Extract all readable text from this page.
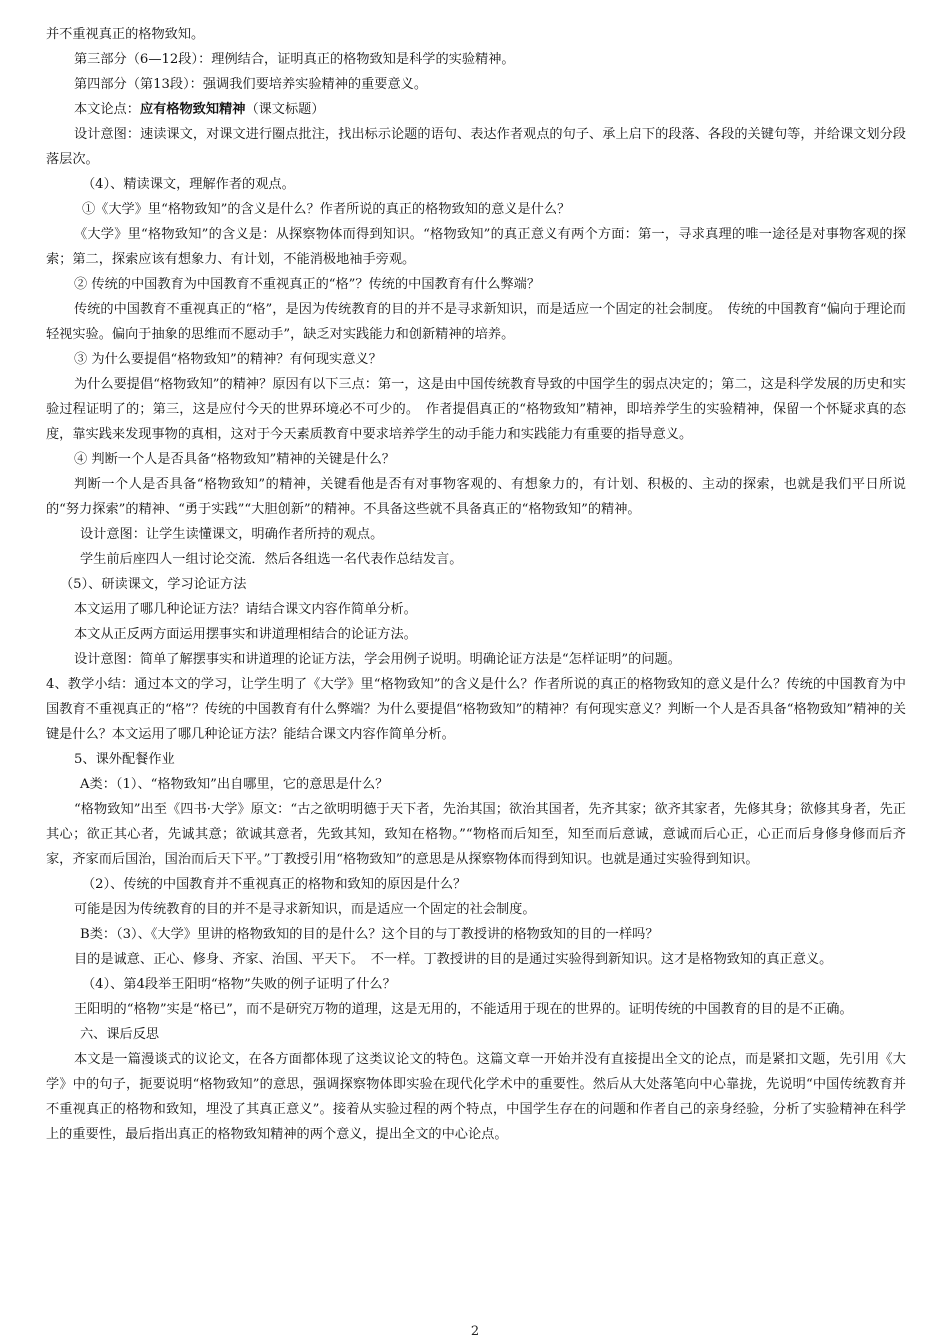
并不重视真正的格物致知。

第三部分（6—12段）：理例结合，证明真正的格物致知是科学的实验精神。

第四部分（第13段）：强调我们要培养实验精神的重要意义。

本文论点：应有格物致知精神（课文标题）

设计意图：速读课文，对课文进行圈点批注，找出标示论题的语句、表达作者观点的句子、承上启下的段落、各段的关键句等，并给课文划分段落层次。

（4）、精读课文，理解作者的观点。

①《大学》里“格物致知”的含义是什么？作者所说的真正的格物致知的意义是什么？

《大学》里“格物致知”的含义是：从探察物体而得到知识。“格物致知”的真正意义有两个方面：第一，寻求真理的唯一途径是对事物客观的探索；第二，探索应该有想象力、有计划，不能消极地袖手旁观。

② 传统的中国教育为中国教育不重视真正的“格”？传统的中国教育有什么弊端？

传统的中国教育不重视真正的“格”，是因为传统教育的目的并不是寻求新知识，而是适应一个固定的社会制度。　传统的中国教育“偏向于理论而轻视实验。偏向于抽象的思维而不愿动手”，缺乏对实践能力和创新精神的培养。

③ 为什么要提倡“格物致知”的精神？有何现实意义？

为什么要提倡“格物致知”的精神？原因有以下三点：第一，这是由中国传统教育导致的中国学生的弱点决定的；第二，这是科学发展的历史和实验过程证明了的；第三，这是应付今天的世界环境必不可少的。　作者提倡真正的“格物致知”精神，即培养学生的实验精神，保留一个怀疑求真的态度，靠实践来发现事物的真相，这对于今天素质教育中要求培养学生的动手能力和实践能力有重要的指导意义。

④ 判断一个人是否具备“格物致知”精神的关键是什么？

判断一个人是否具备“格物致知”的精神，关键看他是否有对事物客观的、有想象力的，有计划、积极的、主动的探索，也就是我们平日所说的“努力探索”的精神、“勇于实践”“大胆创新”的精神。不具备这些就不具备真正的“格物致知”的精神。

设计意图：让学生读懂课文，明确作者所持的观点。

学生前后座四人一组讨论交流．然后各组选一名代表作总结发言。

（5）、研读课文，学习论证方法

本文运用了哪几种论证方法？请结合课文内容作简单分析。

本文从正反两方面运用摆事实和讲道理相结合的论证方法。

设计意图：简单了解摆事实和讲道理的论证方法，学会用例子说明。明确论证方法是“怎样证明”的问题。

4、教学小结：通过本文的学习，让学生明了《大学》里“格物致知”的含义是什么？作者所说的真正的格物致知的意义是什么？传统的中国教育为中国教育不重视真正的“格”？传统的中国教育有什么弊端？为什么要提倡“格物致知”的精神？有何现实意义？判断一个人是否具备“格物致知”精神的关键是什么？本文运用了哪几种论证方法？能结合课文内容作简单分析。

5、课外配餐作业

A类：（1）、“格物致知”出自哪里，它的意思是什么？

“格物致知”出至《四书·大学》原文：“古之欲明明德于天下者，先治其国；欲治其国者，先齐其家；欲齐其家者，先修其身；欲修其身者，先正其心；欲正其心者，先诚其意；欲诚其意者，先致其知，致知在格物。”“物格而后知至，知至而后意诚，意诚而后心正，心正而后身修身修而后齐家，齐家而后国治，国治而后天下平。”丁教授引用“格物致知”的意思是从探察物体而得到知识。也就是通过实验得到知识。

（2）、传统的中国教育并不重视真正的格物和致知的原因是什么？

可能是因为传统教育的目的并不是寻求新知识，而是适应一个固定的社会制度。

B类：（3）、《大学》里讲的格物致知的目的是什么？这个目的与丁教授讲的格物致知的目的一样吗？

目的是诚意、正心、修身、齐家、治国、平天下。　不一样。丁教授讲的目的是通过实验得到新知识。这才是格物致知的真正意义。

（4）、第4段举王阳明“格物”失败的例子证明了什么？

王阳明的“格物”实是“格已”，而不是研究万物的道理，这是无用的，不能适用于现在的世界的。证明传统的中国教育的目的是不正确。

六、课后反思

本文是一篇漫谈式的议论文，在各方面都体现了这类议论文的特色。这篇文章一开始并没有直接提出全文的论点，而是紧扣文题，先引用《大学》中的句子，扼要说明“格物致知”的意思，强调探察物体即实验在现代化学术中的重要性。然后从大处落笔向中心靠拢，先说明“中国传统教育并不重视真正的格物和致知，埋没了其真正意义”。接着从实验过程的两个特点，中国学生存在的问题和作者自己的亲身经验，分析了实验精神在科学上的重要性，最后指出真正的格物致知精神的两个意义，提出全文的中心论点。

2
